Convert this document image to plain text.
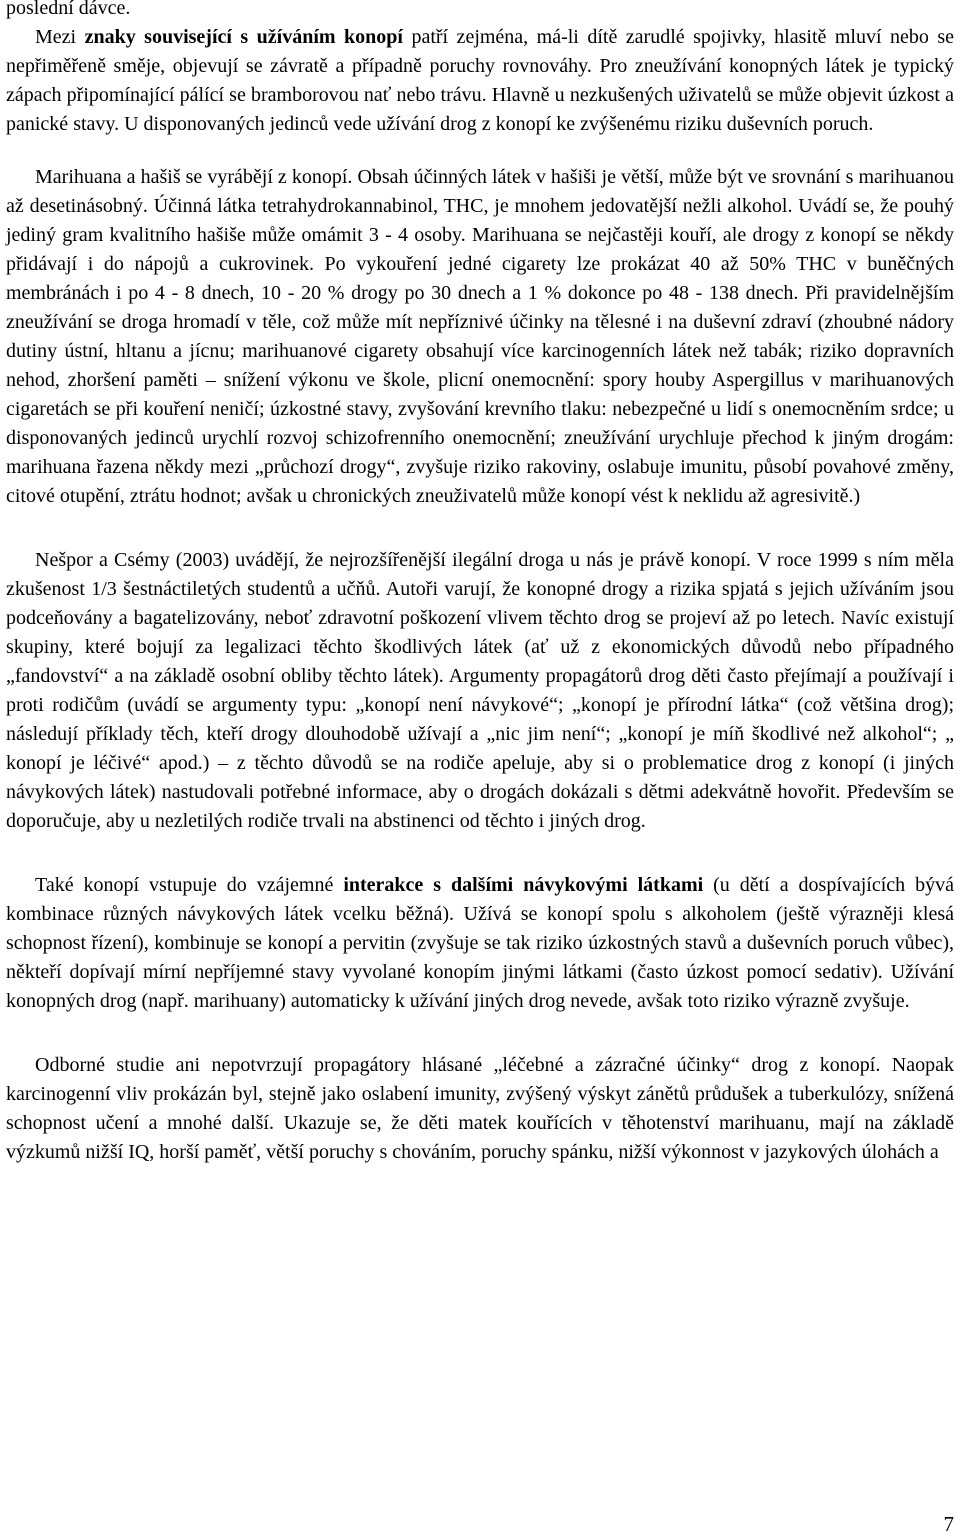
poslední dávce.

Mezi znaky související s užíváním konopí patří zejména, má-li dítě zarudlé spojivky, hlasitě mluví nebo se nepřiměřeně směje, objevují se závratě a případně poruchy rovnováhy. Pro zneužívání konopných látek je typický zápach připomínající pálící se bramborovou nať nebo trávu. Hlavně u nezkušených uživatelů se může objevit úzkost a panické stavy. U disponovaných jedinců vede užívání drog z konopí ke zvýšenému riziku duševních poruch.

Marihuana a hašiš se vyrábějí z konopí. Obsah účinných látek v hašiši je větší, může být ve srovnání s marihuanou až desetinásobný. Účinná látka tetrahydrokannabinol, THC, je mnohem jedovatější nežli alkohol. Uvádí se, že pouhý jediný gram kvalitního hašiše může omámit 3 - 4 osoby. Marihuana se nejčastěji kouří, ale drogy z konopí se někdy přidávají i do nápojů a cukrovinek. Po vykouření jedné cigarety lze prokázat 40 až 50% THC v buněčných membránách i po 4 - 8 dnech, 10 - 20 % drogy po 30 dnech a 1 % dokonce po 48 - 138 dnech. Při pravidelnějším zneužívání se droga hromadí v těle, což může mít nepříznivé účinky na tělesné i na duševní zdraví (zhoubné nádory dutiny ústní, hltanu a jícnu; marihuanové cigarety obsahují více karcinogenních látek než tabák; riziko dopravních nehod, zhoršení paměti – snížení výkonu ve škole, plicní onemocnění: spory houby Aspergillus v marihuanových cigaretách se při kouření neničí; úzkostné stavy, zvyšování krevního tlaku: nebezpečné u lidí s onemocněním srdce; u disponovaných jedinců urychlí rozvoj schizofrenního onemocnění; zneužívání urychluje přechod k jiným drogám: marihuana řazena někdy mezi „průchozí drogy“, zvyšuje riziko rakoviny, oslabuje imunitu, působí povahové změny, citové otupění, ztrátu hodnot; avšak u chronických zneuživatelů může konopí vést k neklidu až agresivitě.)

Nešpor a Csémy (2003) uvádějí, že nejrozšířenější ilegální droga u nás je právě konopí. V roce 1999 s ním měla zkušenost 1/3 šestnáctiletých studentů a učňů. Autoři varují, že konopné drogy a rizika spjatá s jejich užíváním jsou podceňovány a bagatelizovány, neboť zdravotní poškození vlivem těchto drog se projeví až po letech. Navíc existují skupiny, které bojují za legalizaci těchto škodlivých látek (ať už z ekonomických důvodů nebo případného „fandovství“ a na základě osobní obliby těchto látek). Argumenty propagátorů drog děti často přejímají a používají i proti rodičům (uvádí se argumenty typu: „konopí není návykové“; „konopí je přírodní látka“ (což většina drog); následují příklady těch, kteří drogy dlouhodobě užívají a „nic jim není“; „konopí je míň škodlivé než alkohol“; „ konopí je léčivé“ apod.) – z těchto důvodů se na rodiče apeluje, aby si o problematice drog z konopí (i jiných návykových látek) nastudovali potřebné informace, aby o drogách dokázali s dětmi adekvátně hovořit. Především se doporučuje, aby u nezletilých rodiče trvali na abstinenci od těchto i jiných drog.

Také konopí vstupuje do vzájemné interakce s dalšími návykovými látkami (u dětí a dospívajících bývá kombinace různých návykových látek vcelku běžná). Užívá se konopí spolu s alkoholem (ještě výrazněji klesá schopnost řízení), kombinuje se konopí a pervitin (zvyšuje se tak riziko úzkostných stavů a duševních poruch vůbec), někteří dopívají mírní nepříjemné stavy vyvolané konopím jinými látkami (často úzkost pomocí sedativ). Užívání konopných drog (např. marihuany) automaticky k užívání jiných drog nevede, avšak toto riziko výrazně zvyšuje.

Odborné studie ani nepotvrzují propagátory hlásané „léčebné a zázračné účinky“ drog z konopí. Naopak karcinogenní vliv prokázán byl, stejně jako oslabení imunity, zvýšený výskyt zánětů průdušek a tuberkulózy, snížená schopnost učení a mnohé další. Ukazuje se, že děti matek kouřících v těhotenství marihuanu, mají na základě výzkumů nižší IQ, horší paměť, větší poruchy s chováním, poruchy spánku, nižší výkonnost v jazykových úlohách a

7
